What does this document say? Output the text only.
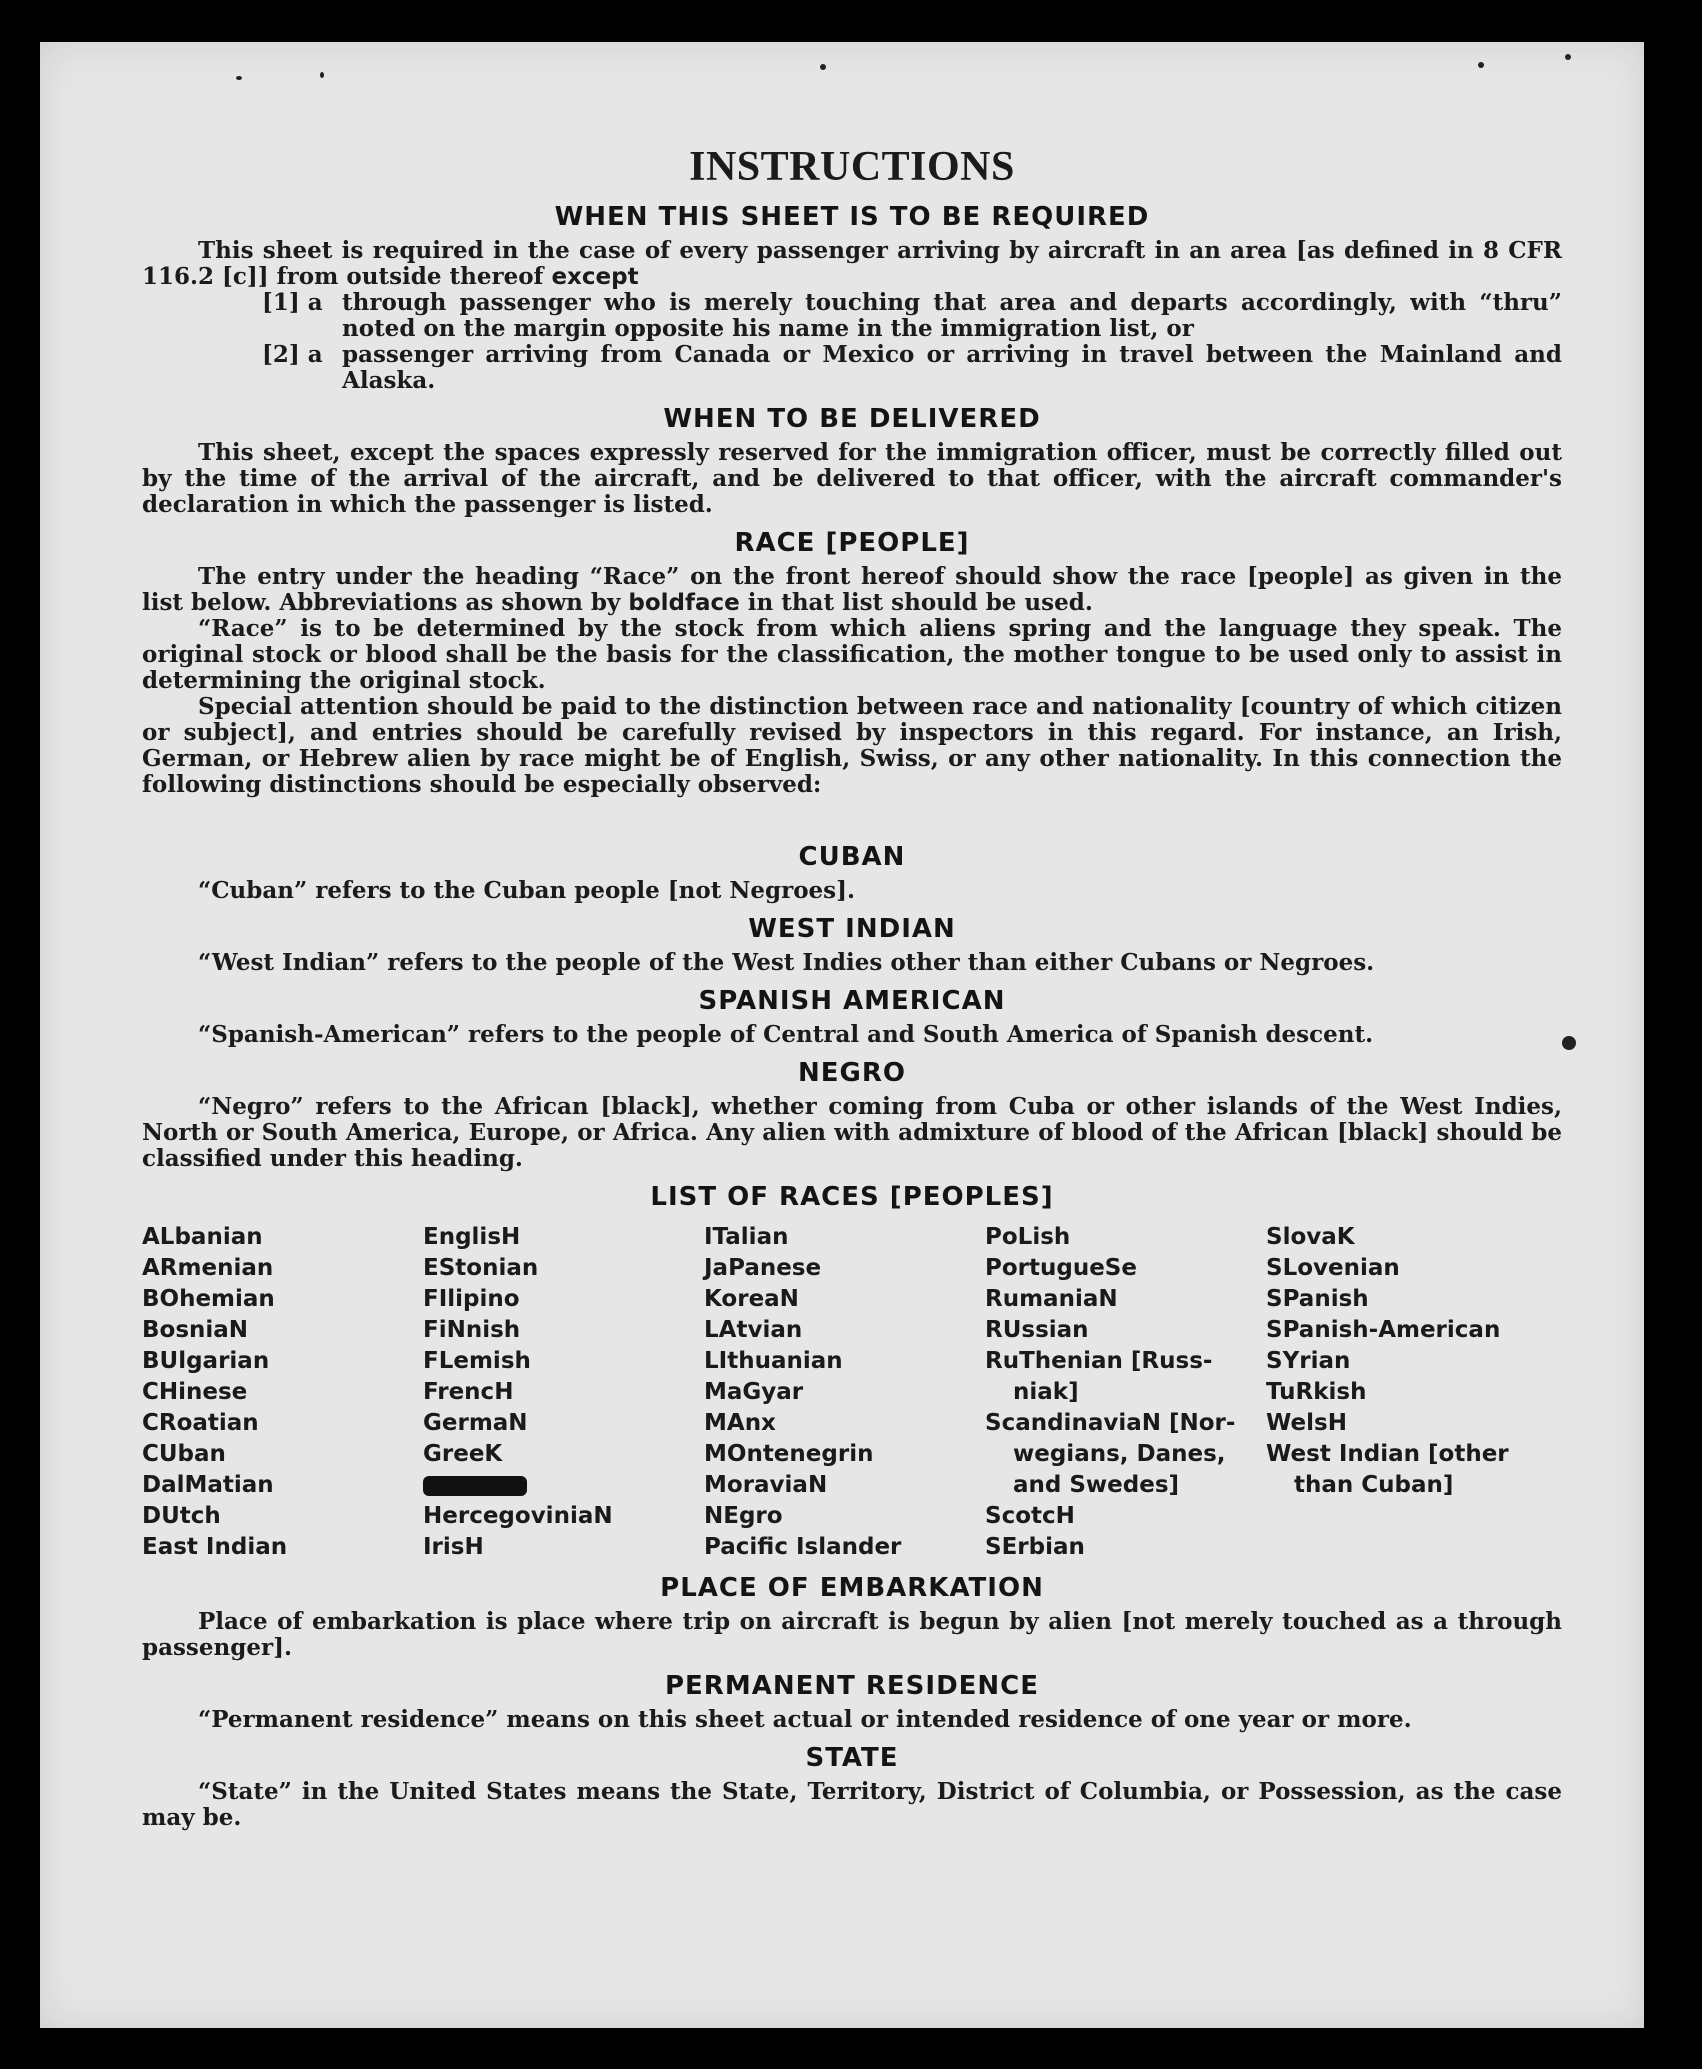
INSTRUCTIONS
WHEN THIS SHEET IS TO BE REQUIRED

This sheet is required in the case of every passenger arriving by aircraft in an area [as defined in 8 CFR 116.2 [c]] from outside thereof except

[1] a through passenger who is merely touching that area and departs accordingly, with “thru” noted on the margin opposite his name in the immigration list, or
[2] a passenger arriving from Canada or Mexico or arriving in travel between the Mainland and Alaska.
WHEN TO BE DELIVERED

This sheet, except the spaces expressly reserved for the immigration officer, must be correctly filled out by the time of the arrival of the aircraft, and be delivered to that officer, with the aircraft commander's declaration in which the passenger is listed.

RACE [PEOPLE]

The entry under the heading “Race” on the front hereof should show the race [people] as given in the list below. Abbreviations as shown by boldface in that list should be used.

“Race” is to be determined by the stock from which aliens spring and the language they speak. The original stock or blood shall be the basis for the classification, the mother tongue to be used only to assist in determining the original stock.

Special attention should be paid to the distinction between race and nationality [country of which citizen or subject], and entries should be carefully revised by inspectors in this regard. For instance, an Irish, German, or Hebrew alien by race might be of English, Swiss, or any other nationality. In this connection the following distinctions should be especially observed:

CUBAN

“Cuban” refers to the Cuban people [not Negroes].

WEST INDIAN

“West Indian” refers to the people of the West Indies other than either Cubans or Negroes.

SPANISH AMERICAN

“Spanish-American” refers to the people of Central and South America of Spanish descent.

NEGRO

“Negro” refers to the African [black], whether coming from Cuba or other islands of the West Indies, North or South America, Europe, or Africa. Any alien with admixture of blood of the African [black] should be classified under this heading.

LIST OF RACES [PEOPLES]
ALbanian
ARmenian
BOhemian
BosniaN
BUlgarian
CHinese
CRoatian
CUban
DalMatian
DUtch
East Indian
EnglisH
EStonian
FIlipino
FiNnish
FLemish
FrencH
GermaN
GreeK
HercegoviniaN
IrisH
ITalian
JaPanese
KoreaN
LAtvian
LIthuanian
MaGyar
MAnx
MOntenegrin
MoraviaN
NEgro
Pacific Islander
PoLish
PortugueSe
RumaniaN
RUssian
RuThenian [Russ-
niak]
ScandinaviaN [Nor-
wegians, Danes,
and Swedes]
ScotcH
SErbian
SlovaK
SLovenian
SPanish
SPanish-American
SYrian
TuRkish
WelsH
West Indian [other
than Cuban]
PLACE OF EMBARKATION

Place of embarkation is place where trip on aircraft is begun by alien [not merely touched as a through passenger].

PERMANENT RESIDENCE

“Permanent residence” means on this sheet actual or intended residence of one year or more.

STATE

“State” in the United States means the State, Territory, District of Columbia, or Possession, as the case may be.
